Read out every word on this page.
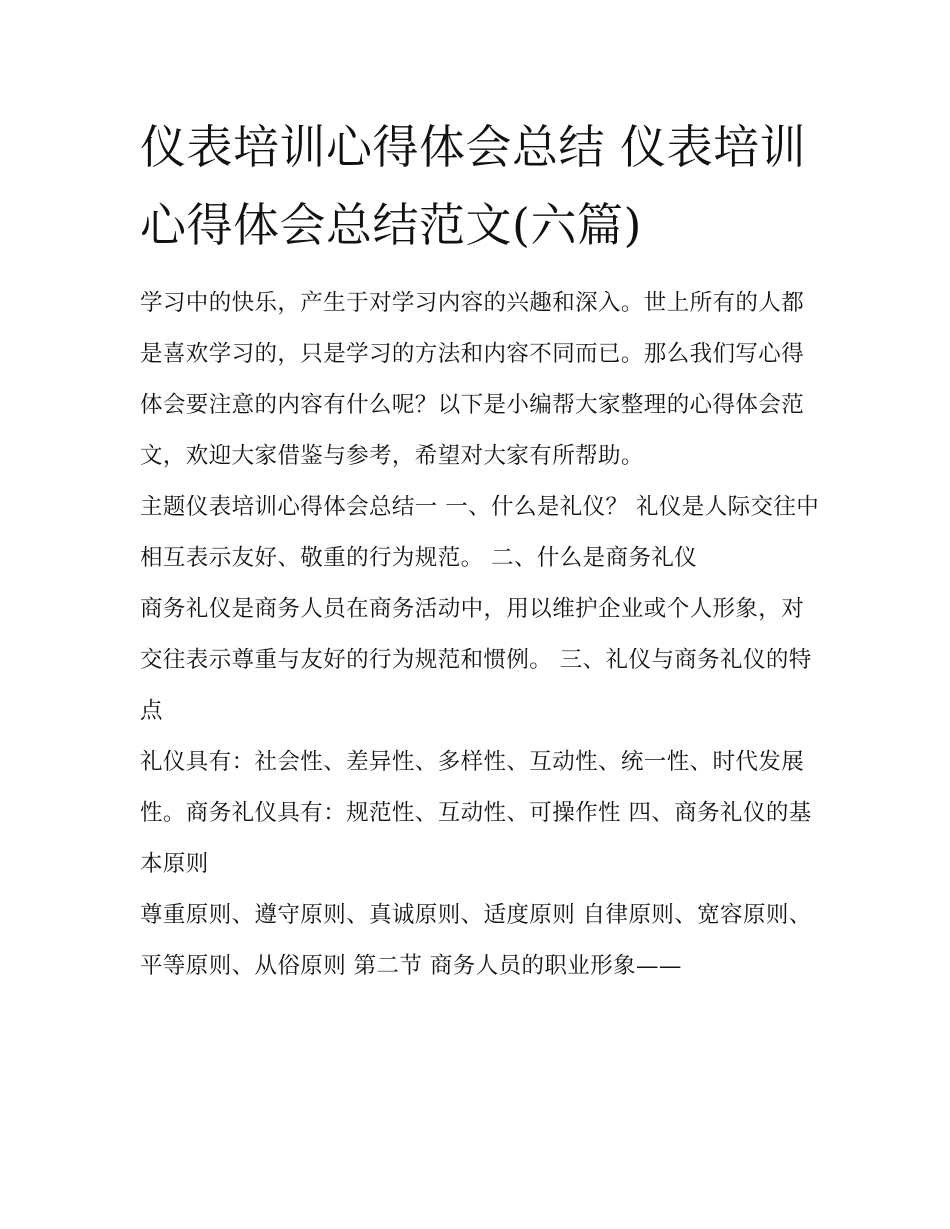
仪表培训心得体会总结 仪表培训心得体会总结范文(六篇)

学习中的快乐，产生于对学习内容的兴趣和深入。世上所有的人都是喜欢学习的，只是学习的方法和内容不同而已。那么我们写心得体会要注意的内容有什么呢？以下是小编帮大家整理的心得体会范文，欢迎大家借鉴与参考，希望对大家有所帮助。

主题仪表培训心得体会总结一 一、什么是礼仪？ 礼仪是人际交往中相互表示友好、敬重的行为规范。 二、什么是商务礼仪

商务礼仪是商务人员在商务活动中，用以维护企业或个人形象，对交往表示尊重与友好的行为规范和惯例。 三、礼仪与商务礼仪的特点

礼仪具有：社会性、差异性、多样性、互动性、统一性、时代发展性。商务礼仪具有：规范性、互动性、可操作性 四、商务礼仪的基本原则

尊重原则、遵守原则、真诚原则、适度原则 自律原则、宽容原则、平等原则、从俗原则 第二节 商务人员的职业形象——
